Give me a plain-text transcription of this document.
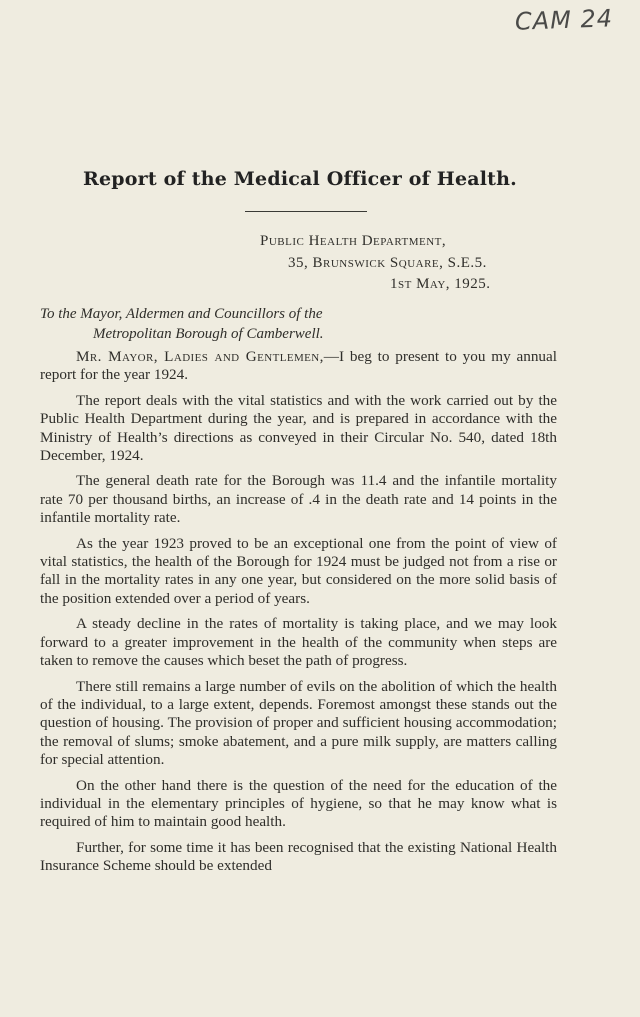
CAM 24
Report of the Medical Officer of Health.
Public Health Department,
35, Brunswick Square, S.E.5.
1st May, 1925.
To the Mayor, Aldermen and Councillors of the
Metropolitan Borough of Camberwell.

Mr. Mayor, Ladies and Gentlemen,—I beg to present to you my annual report for the year 1924.

The report deals with the vital statistics and with the work carried out by the Public Health Department during the year, and is prepared in accordance with the Ministry of Health’s directions as conveyed in their Circular No. 540, dated 18th December, 1924.

The general death rate for the Borough was 11.4 and the infantile mortality rate 70 per thousand births, an increase of .4 in the death rate and 14 points in the infantile mortality rate.

As the year 1923 proved to be an exceptional one from the point of view of vital statistics, the health of the Borough for 1924 must be judged not from a rise or fall in the mortality rates in any one year, but considered on the more solid basis of the position extended over a period of years.

A steady decline in the rates of mortality is taking place, and we may look forward to a greater improvement in the health of the community when steps are taken to remove the causes which beset the path of progress.

There still remains a large number of evils on the abolition of which the health of the individual, to a large extent, depends. Foremost amongst these stands out the question of housing. The provision of proper and sufficient housing accommodation; the removal of slums; smoke abatement, and a pure milk supply, are matters calling for special attention.

On the other hand there is the question of the need for the education of the individual in the elementary principles of hygiene, so that he may know what is required of him to maintain good health.

Further, for some time it has been recognised that the existing National Health Insurance Scheme should be extended
